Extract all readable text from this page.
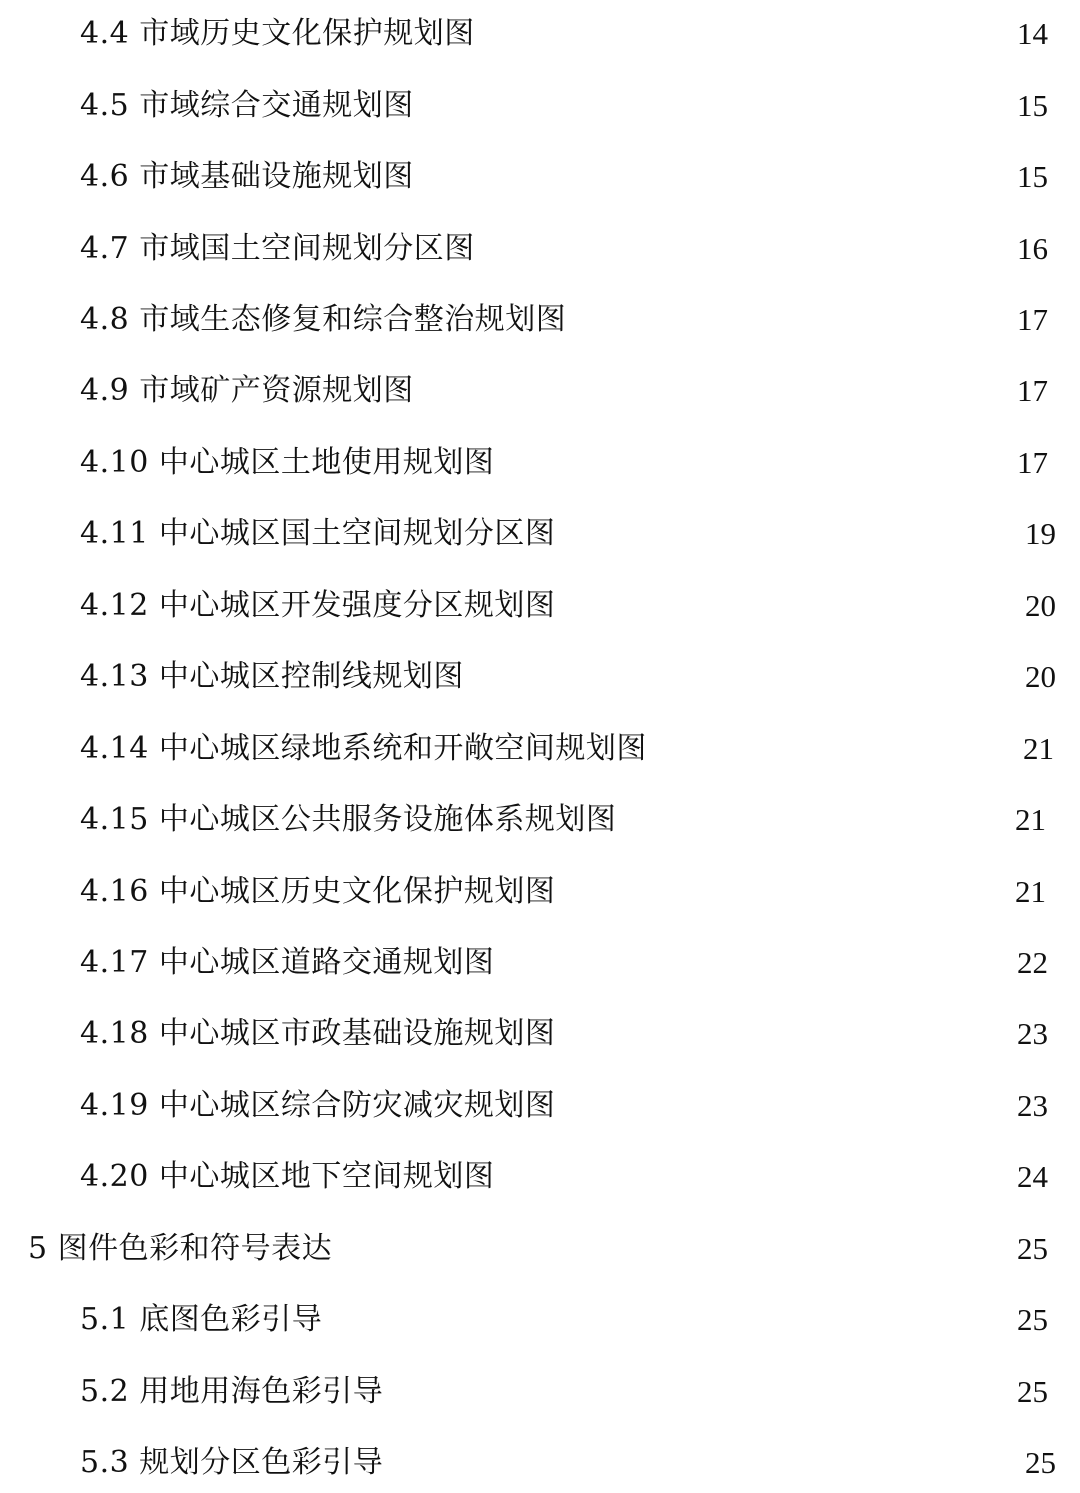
4.4 市域历史文化保护规划图	14
4.5 市域综合交通规划图	15
4.6 市域基础设施规划图	15
4.7 市域国土空间规划分区图	16
4.8 市域生态修复和综合整治规划图	17
4.9 市域矿产资源规划图	17
4.10 中心城区土地使用规划图	17
4.11 中心城区国土空间规划分区图	19
4.12 中心城区开发强度分区规划图	20
4.13 中心城区控制线规划图	20
4.14 中心城区绿地系统和开敞空间规划图	21
4.15 中心城区公共服务设施体系规划图	21
4.16 中心城区历史文化保护规划图	21
4.17 中心城区道路交通规划图	22
4.18 中心城区市政基础设施规划图	23
4.19 中心城区综合防灾减灾规划图	23
4.20 中心城区地下空间规划图	24
5 图件色彩和符号表达	25
5.1 底图色彩引导	25
5.2 用地用海色彩引导	25
5.3 规划分区色彩引导	25
